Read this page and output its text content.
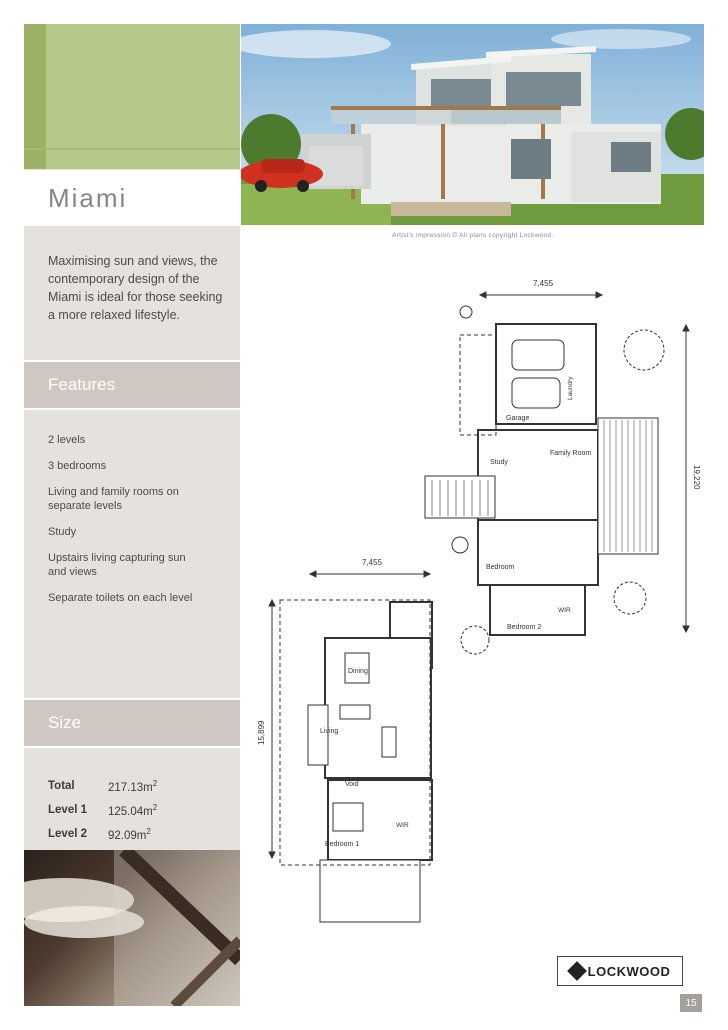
Miami
Maximising sun and views, the contemporary design of the Miami is ideal for those seeking a more relaxed lifestyle.
Features
2 levels
3 bedrooms
Living and family rooms on separate levels
Study
Upstairs living capturing sun and views
Separate toilets on each level
Size
Total	$217.13m^2$
Level 1	$125.04m^2$
Level 2	$92.09m^2$
Artist's impression © All plans copyright Lockwood.
7,455
7,455
19,220
15,899
Garage
Laundry
Study
Family Room
Bedroom
WIR
Bedroom 2
Dining
Living
Void
WIR
Bedroom 1
LOCKWOOD
15
